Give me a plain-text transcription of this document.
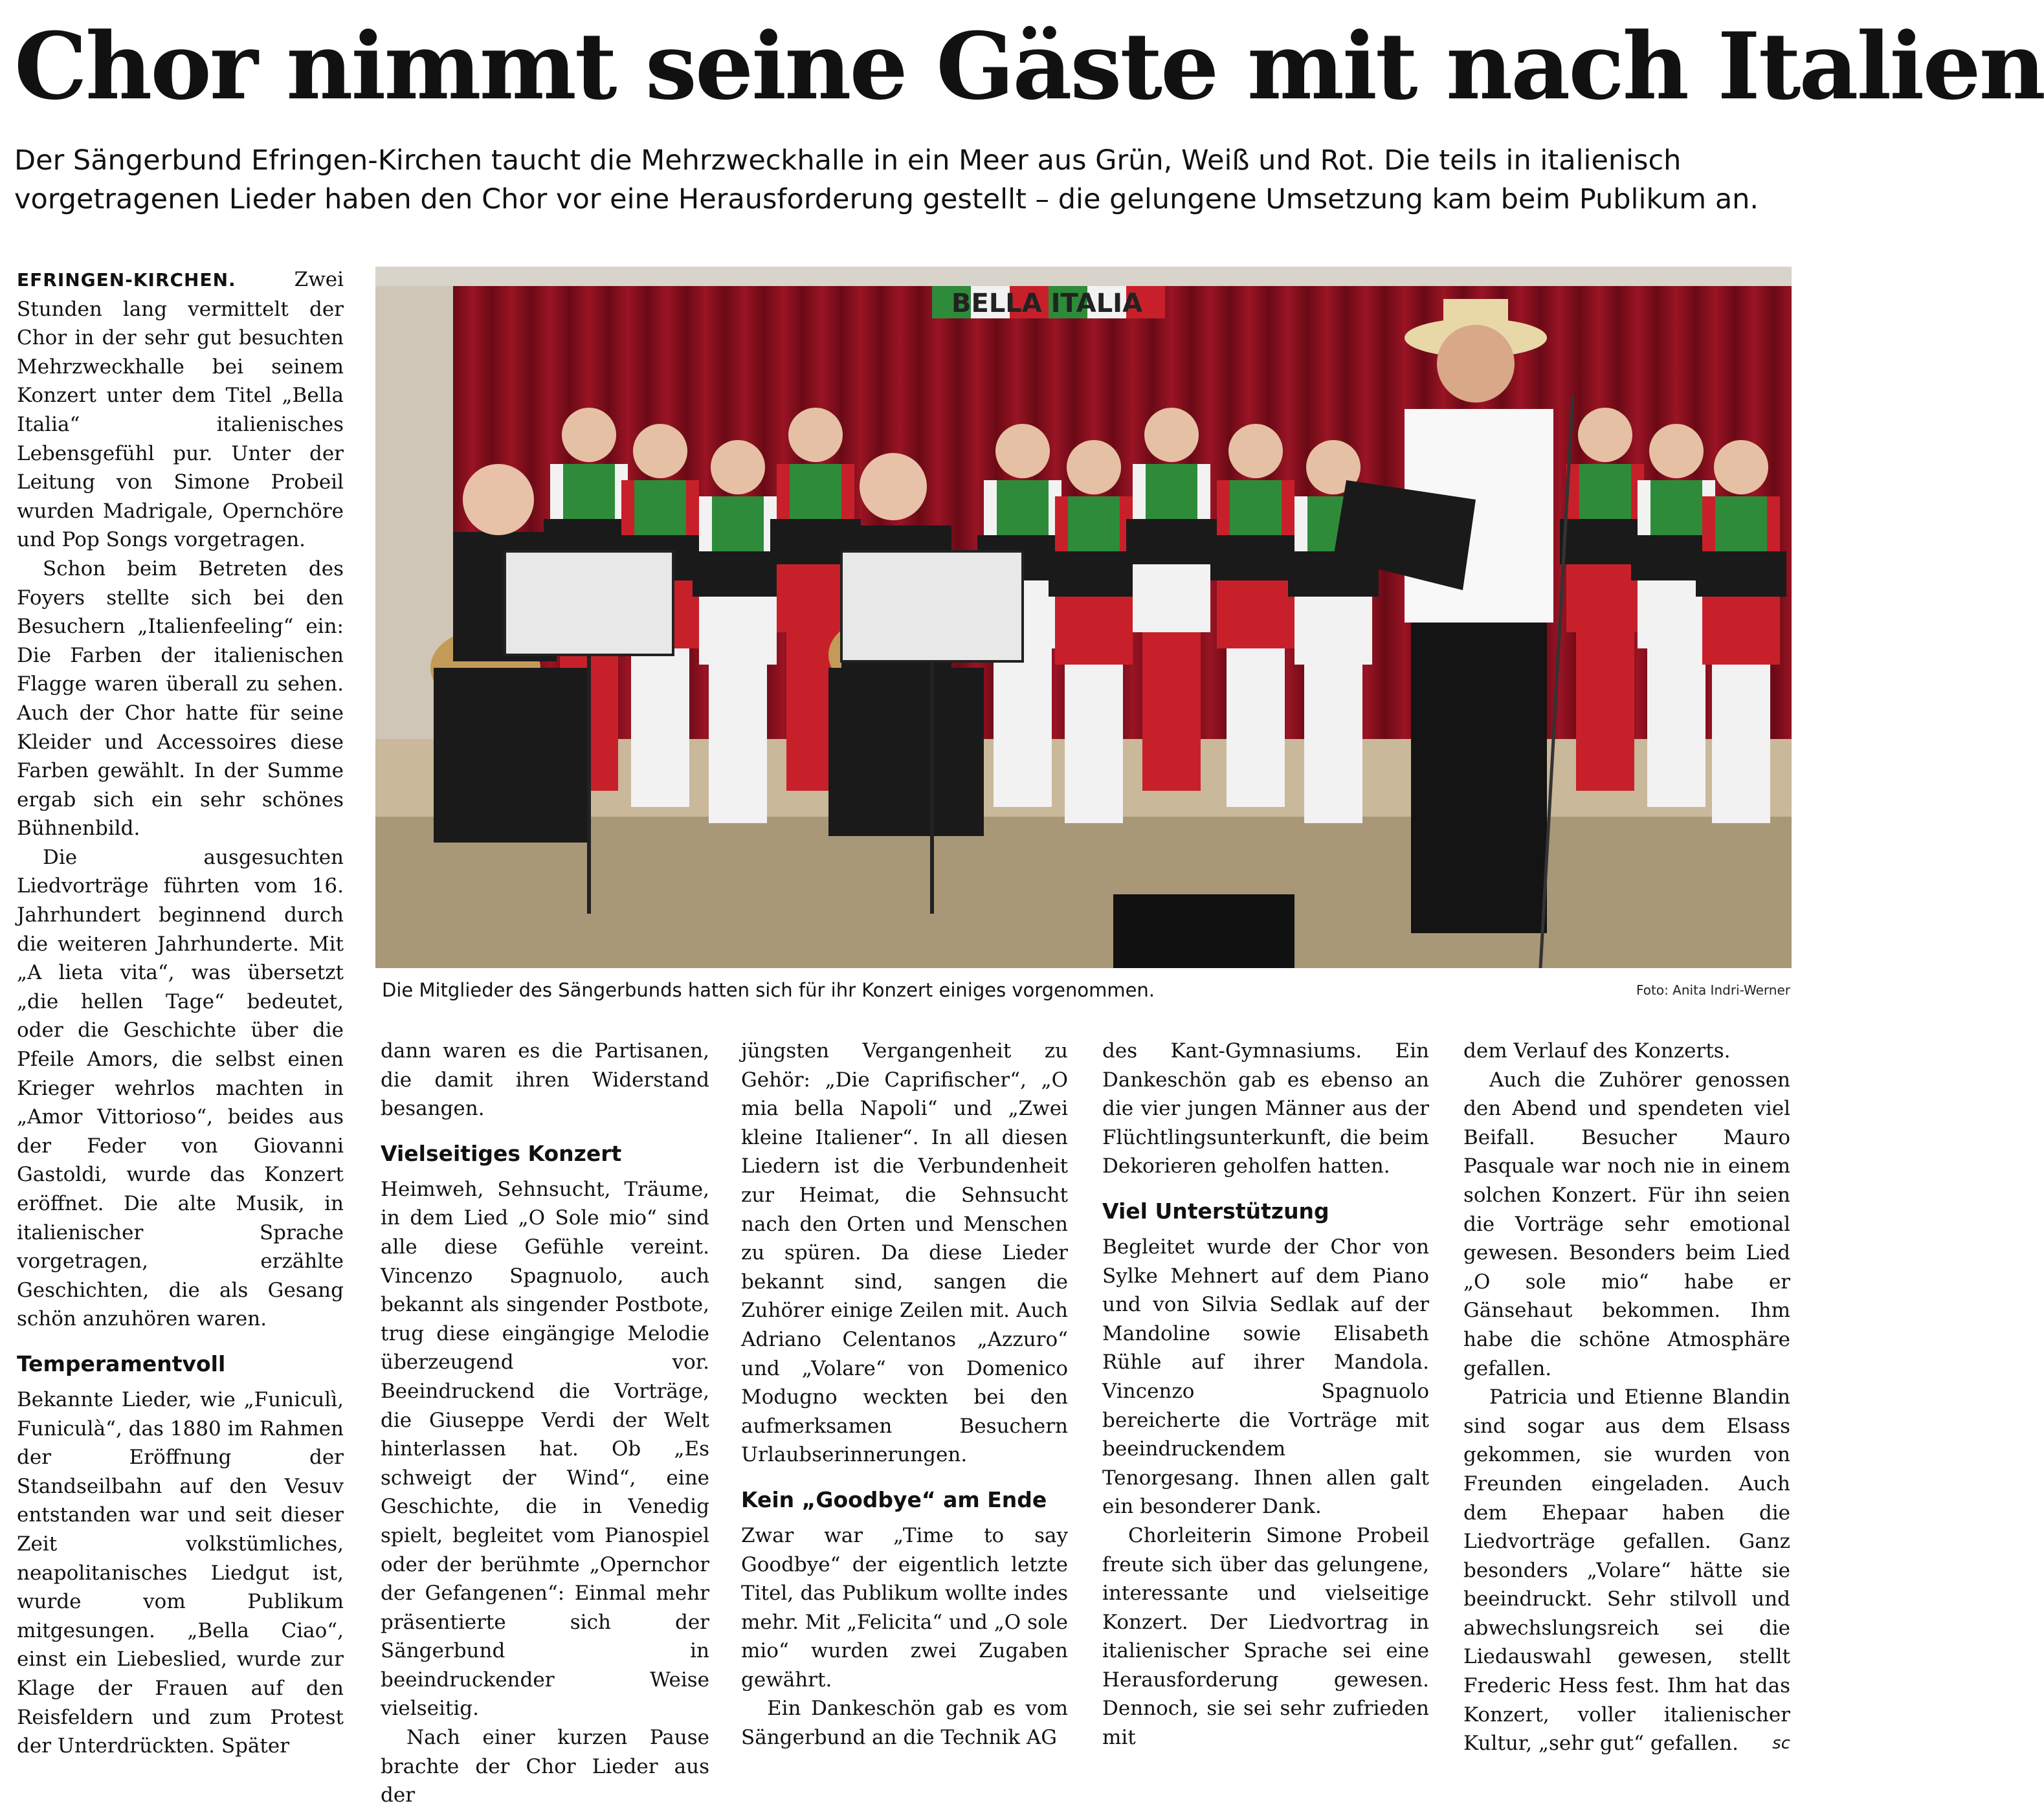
Chor nimmt seine Gäste mit nach Italien

Der Sängerbund Efringen-Kirchen taucht die Mehrzweckhalle in ein Meer aus Grün, Weiß und Rot. Die teils in italienisch vorgetragenen Lieder haben den Chor vor eine Herausforderung gestellt – die gelungene Umsetzung kam beim Publikum an.

EFRINGEN-KIRCHEN.	Zwei Stunden lang vermittelt der Chor in der sehr gut besuchten Mehrzweckhalle bei seinem Konzert unter dem Titel „Bella Italia“ italienisches Lebensgefühl pur. Unter der Leitung von Simone Probeil wurden Madrigale, Opernchöre und Pop Songs vorgetragen.

Schon beim Betreten des Foyers stellte sich bei den Besuchern „Italienfeeling“ ein: Die Farben der italienischen Flagge waren überall zu sehen. Auch der Chor hatte für seine Kleider und Accessoires diese Farben gewählt. In der Summe ergab sich ein sehr schönes Bühnenbild.

Die ausgesuchten Liedvorträge führten vom 16. Jahrhundert beginnend durch die weiteren Jahrhunderte. Mit „A lieta vita“, was übersetzt „die hellen Tage“ bedeutet, oder die Geschichte über die Pfeile Amors, die selbst einen Krieger wehrlos machten in „Amor Vittorioso“, beides aus der Feder von Giovanni Gastoldi, wurde das Konzert eröffnet. Die alte Musik, in italienischer Sprache vorgetragen, erzählte Geschichten, die als Gesang schön anzuhören waren.

Temperamentvoll

Bekannte Lieder, wie „Funiculì, Funiculà“, das 1880 im Rahmen der Eröffnung der Standseilbahn auf den Vesuv entstanden war und seit dieser Zeit volkstümliches, neapolitanisches Liedgut ist, wurde vom Publikum mitgesungen. „Bella Ciao“, einst ein Liebeslied, wurde zur Klage der Frauen auf den Reisfeldern und zum Protest der Unterdrückten. Später

BELLA ITALIA
Die Mitglieder des Sängerbunds hatten sich für ihr Konzert einiges vorgenommen.	Foto: Anita Indri-Werner

dann waren es die Partisanen, die damit ihren Widerstand besangen.

Vielseitiges Konzert

Heimweh, Sehnsucht, Träume, in dem Lied „O Sole mio“ sind alle diese Gefühle vereint. Vincenzo Spagnuolo, auch bekannt als singender Postbote, trug diese eingängige Melodie überzeugend vor. Beeindruckend die Vorträge, die Giuseppe Verdi der Welt hinterlassen hat. Ob „Es schweigt der Wind“, eine Geschichte, die in Venedig spielt, begleitet vom Pianospiel oder der berühmte „Opernchor der Gefangenen“: Einmal mehr präsentierte sich der Sängerbund in beeindruckender Weise vielseitig.

Nach einer kurzen Pause brachte der Chor Lieder aus der

jüngsten Vergangenheit zu Gehör: „Die Caprifischer“, „O mia bella Napoli“ und „Zwei kleine Italiener“. In all diesen Liedern ist die Verbundenheit zur Heimat, die Sehnsucht nach den Orten und Menschen zu spüren. Da diese Lieder bekannt sind, sangen die Zuhörer einige Zeilen mit. Auch Adriano Celentanos „Azzuro“ und „Volare“ von Domenico Modugno weckten bei den aufmerksamen Besuchern Urlaubserinnerungen.

Kein „Goodbye“ am Ende

Zwar war „Time to say Goodbye“ der eigentlich letzte Titel, das Publikum wollte indes mehr. Mit „Felicita“ und „O sole mio“ wurden zwei Zugaben gewährt.

Ein Dankeschön gab es vom Sängerbund an die Technik AG

des Kant-Gymnasiums. Ein Dankeschön gab es ebenso an die vier jungen Männer aus der Flüchtlingsunterkunft, die beim Dekorieren geholfen hatten.

Viel Unterstützung

Begleitet wurde der Chor von Sylke Mehnert auf dem Piano und von Silvia Sedlak auf der Mandoline sowie Elisabeth Rühle auf ihrer Mandola. Vincenzo Spagnuolo bereicherte die Vorträge mit beeindruckendem Tenorgesang. Ihnen allen galt ein besonderer Dank.

Chorleiterin Simone Probeil freute sich über das gelungene, interessante und vielseitige Konzert. Der Liedvortrag in italienischer Sprache sei eine Herausforderung gewesen. Dennoch, sie sei sehr zufrieden mit

dem Verlauf des Konzerts.

Auch die Zuhörer genossen den Abend und spendeten viel Beifall. Besucher Mauro Pasquale war noch nie in einem solchen Konzert. Für ihn seien die Vorträge sehr emotional gewesen. Besonders beim Lied „O sole mio“ habe er Gänsehaut bekommen. Ihm habe die schöne Atmosphäre gefallen.

Patricia und Etienne Blandin sind sogar aus dem Elsass gekommen, sie wurden von Freunden eingeladen. Auch dem Ehepaar haben die Liedvorträge gefallen. Ganz besonders „Volare“ hätte sie beeindruckt. Sehr stilvoll und abwechslungsreich sei die Liedauswahl gewesen, stellt Frederic Hess fest. Ihm hat das Konzert, voller italienischer Kultur, „sehr gut“ gefallen.	sc
